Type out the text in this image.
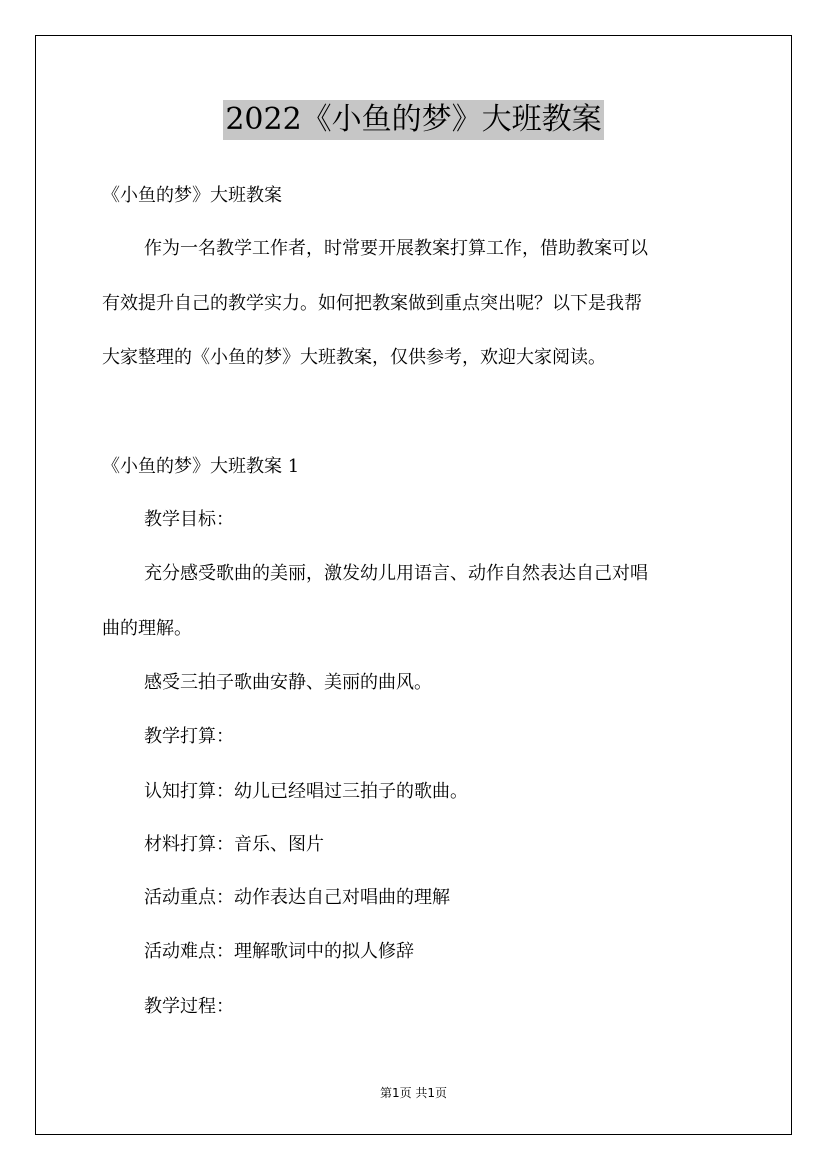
2022《小鱼的梦》大班教案
《小鱼的梦》大班教案
作为一名教学工作者，时常要开展教案打算工作，借助教案可以
有效提升自己的教学实力。如何把教案做到重点突出呢？以下是我帮
大家整理的《小鱼的梦》大班教案，仅供参考，欢迎大家阅读。
《小鱼的梦》大班教案 1
教学目标：
充分感受歌曲的美丽，激发幼儿用语言、动作自然表达自己对唱
曲的理解。
感受三拍子歌曲安静、美丽的曲风。
教学打算：
认知打算：幼儿已经唱过三拍子的歌曲。
材料打算：音乐、图片
活动重点：动作表达自己对唱曲的理解
活动难点：理解歌词中的拟人修辞
教学过程：
第1页 共1页
